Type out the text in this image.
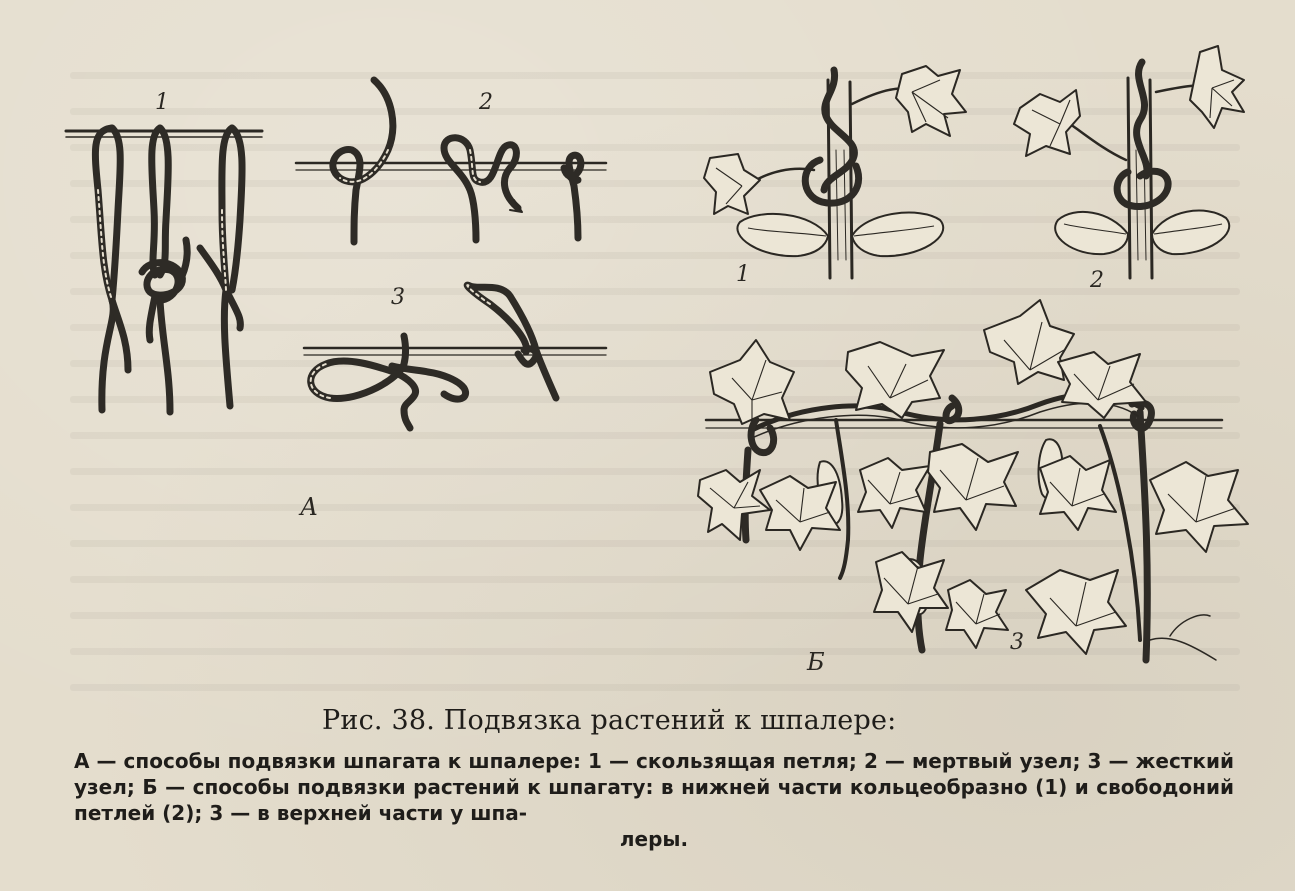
1	2
3
А
1	2
3
Б
Рис. 38. Подвязка растений к шпалере:
А — способы подвязки шпагата к шпалере: 1 — скользящая петля; 2 — мертвый узел; 3 — жесткий узел; Б — способы подвязки растений к шпагату: в нижней части кольцеобразно (1) и свободоний петлей (2); 3 — в верхней части у шпа-
леры.
